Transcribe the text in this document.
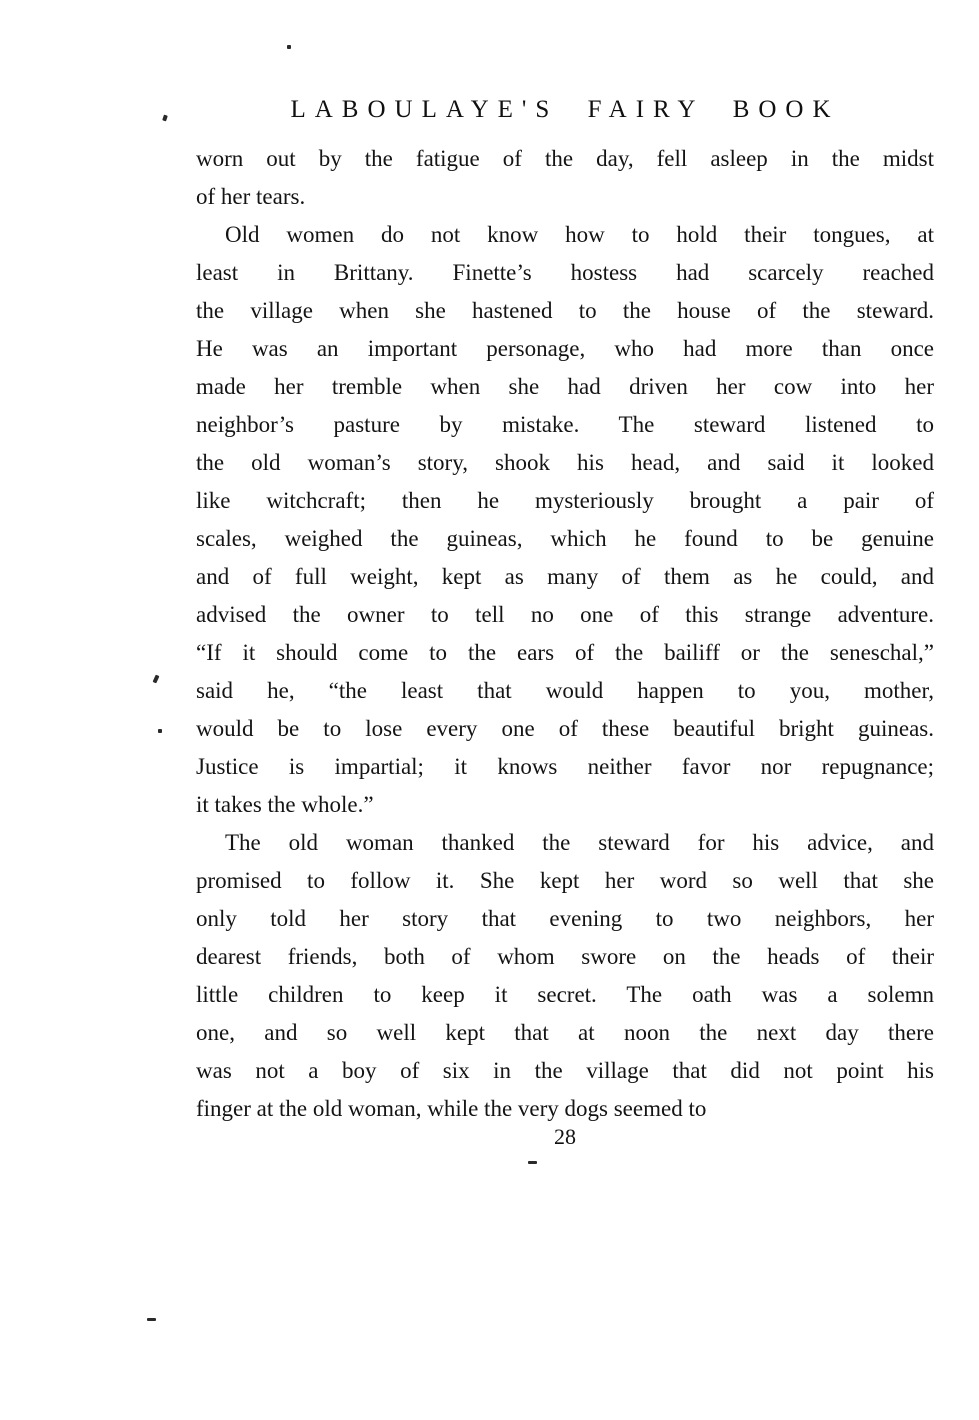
LABOULAYE'S FAIRY BOOK
worn out by the fatigue of the day, fell asleep in the midst
of her tears.
Old women do not know how to hold their tongues, at
least in Brittany. Finette’s hostess had scarcely reached
the village when she hastened to the house of the steward.
He was an important personage, who had more than once
made her tremble when she had driven her cow into her
neighbor’s pasture by mistake. The steward listened to
the old woman’s story, shook his head, and said it looked
like witchcraft; then he mysteriously brought a pair of
scales, weighed the guineas, which he found to be genuine
and of full weight, kept as many of them as he could, and
advised the owner to tell no one of this strange adventure.
“If it should come to the ears of the bailiff or the seneschal,”
said he, “the least that would happen to you, mother,
would be to lose every one of these beautiful bright guineas.
Justice is impartial; it knows neither favor nor repugnance;
it takes the whole.”
The old woman thanked the steward for his advice, and
promised to follow it. She kept her word so well that she
only told her story that evening to two neighbors, her
dearest friends, both of whom swore on the heads of their
little children to keep it secret. The oath was a solemn
one, and so well kept that at noon the next day there
was not a boy of six in the village that did not point his
finger at the old woman, while the very dogs seemed to
28
